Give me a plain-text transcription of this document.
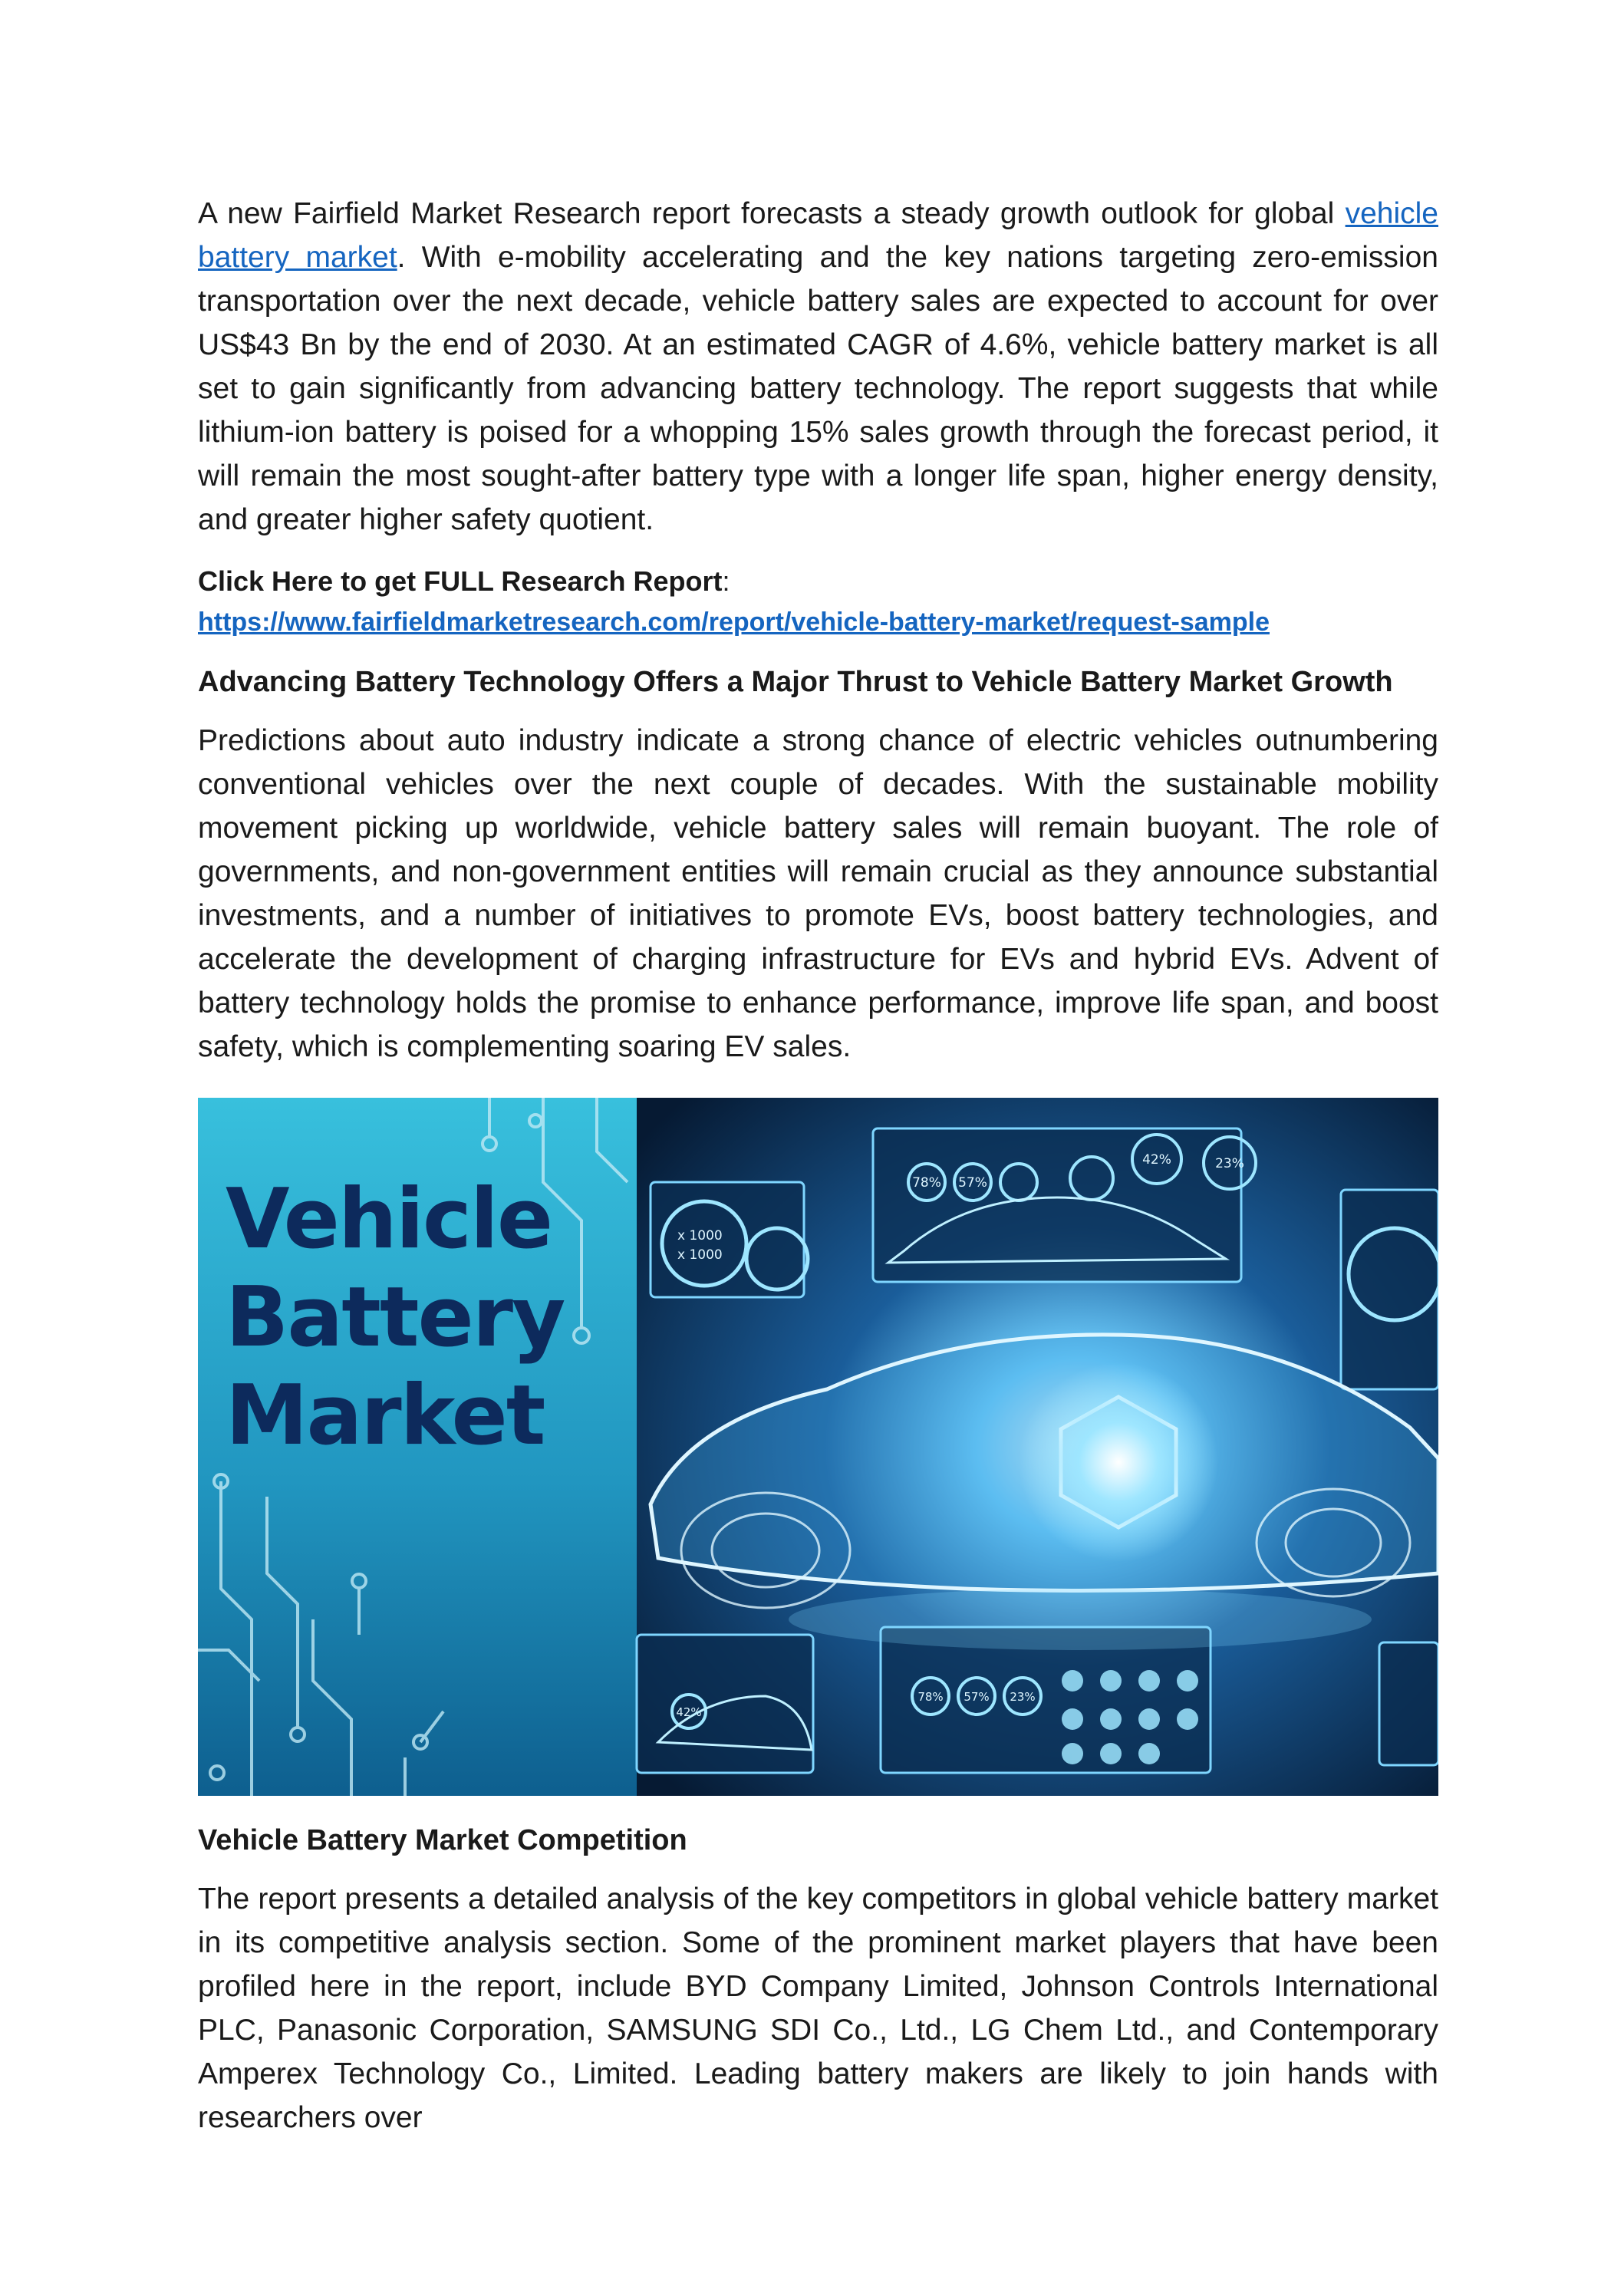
A new Fairfield Market Research report forecasts a steady growth outlook for global vehicle battery market. With e-mobility accelerating and the key nations targeting zero-emission transportation over the next decade, vehicle battery sales are expected to account for over US$43 Bn by the end of 2030. At an estimated CAGR of 4.6%, vehicle battery market is all set to gain significantly from advancing battery technology. The report suggests that while lithium-ion battery is poised for a whopping 15% sales growth through the forecast period, it will remain the most sought-after battery type with a longer life span, higher energy density, and greater higher safety quotient.

Click Here to get FULL Research Report:
https://www.fairfieldmarketresearch.com/report/vehicle-battery-market/request-sample
Advancing Battery Technology Offers a Major Thrust to Vehicle Battery Market Growth

Predictions about auto industry indicate a strong chance of electric vehicles outnumbering conventional vehicles over the next couple of decades. With the sustainable mobility movement picking up worldwide, vehicle battery sales will remain buoyant. The role of governments, and non-government entities will remain crucial as they announce substantial investments, and a number of initiatives to promote EVs, boost battery technologies, and accelerate the development of charging infrastructure for EVs and hybrid EVs. Advent of battery technology holds the promise to enhance performance, improve life span, and boost safety, which is complementing soaring EV sales.

x 1000
x 1000
42%	23%
78% 57%
78% 57% 23%
42%
Vehicle
Battery
Market
Vehicle Battery Market Competition

The report presents a detailed analysis of the key competitors in global vehicle battery market in its competitive analysis section. Some of the prominent market players that have been profiled here in the report, include BYD Company Limited, Johnson Controls International PLC, Panasonic Corporation, SAMSUNG SDI Co., Ltd., LG Chem Ltd., and Contemporary Amperex Technology Co., Limited. Leading battery makers are likely to join hands with researchers over
